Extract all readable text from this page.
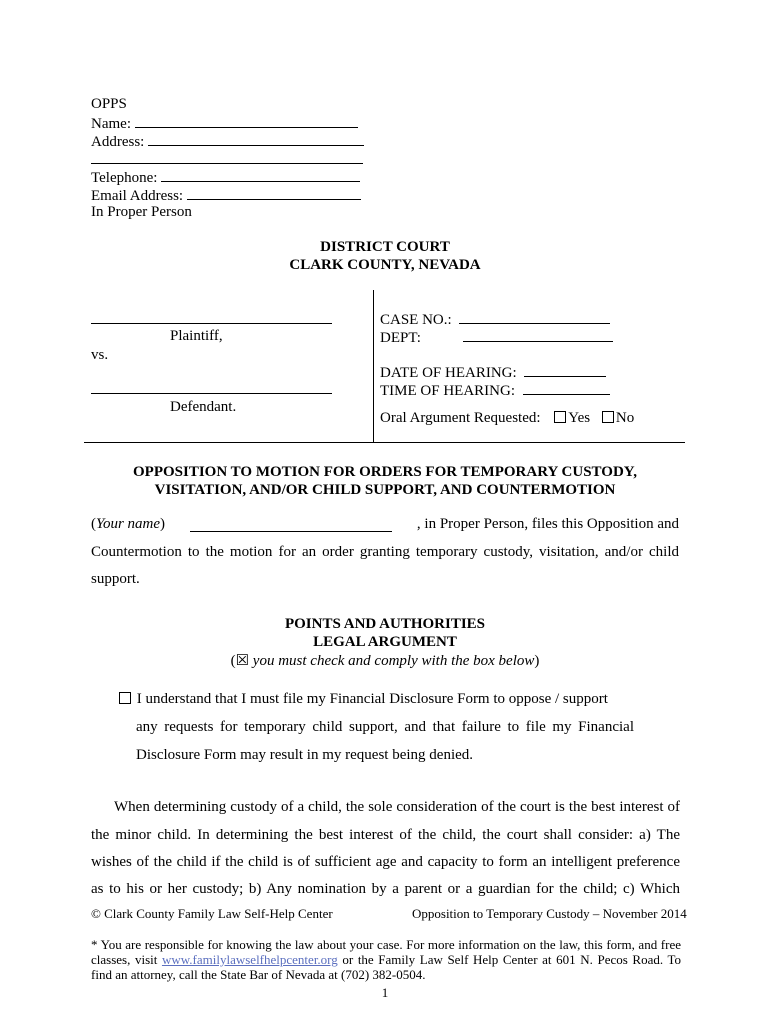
OPPS
Name:
Address:
Telephone:
Email Address:
In Proper Person
DISTRICT COURT
CLARK COUNTY, NEVADA
Plaintiff,
vs.
Defendant.
CASE NO.:
DEPT:
DATE OF HEARING:
TIME OF HEARING:
Oral Argument Requested: Yes No
OPPOSITION TO MOTION FOR ORDERS FOR TEMPORARY CUSTODY,
VISITATION, AND/OR CHILD SUPPORT, AND COUNTERMOTION
(Your name)	, in Proper Person, files this Opposition and
Countermotion to the motion for an order granting temporary custody, visitation, and/or child
support.
POINTS AND AUTHORITIES
LEGAL ARGUMENT
(☒ you must check and comply with the box below)
I understand that I must file my Financial Disclosure Form to oppose / support
any requests for temporary child support, and that failure to file my Financial
Disclosure Form may result in my request being denied.
When determining custody of a child, the sole consideration of the court is the best interest of
the minor child. In determining the best interest of the child, the court shall consider: a) The
wishes of the child if the child is of sufficient age and capacity to form an intelligent preference
as to his or her custody; b) Any nomination by a parent or a guardian for the child; c) Which
© Clark County Family Law Self-Help Center	Opposition to Temporary Custody – November 2014
* You are responsible for knowing the law about your case. For more information on the law, this form, and free classes, visit www.familylawselfhelpcenter.org or the Family Law Self Help Center at 601 N. Pecos Road. To find an attorney, call the State Bar of Nevada at (702) 382-0504.
1
